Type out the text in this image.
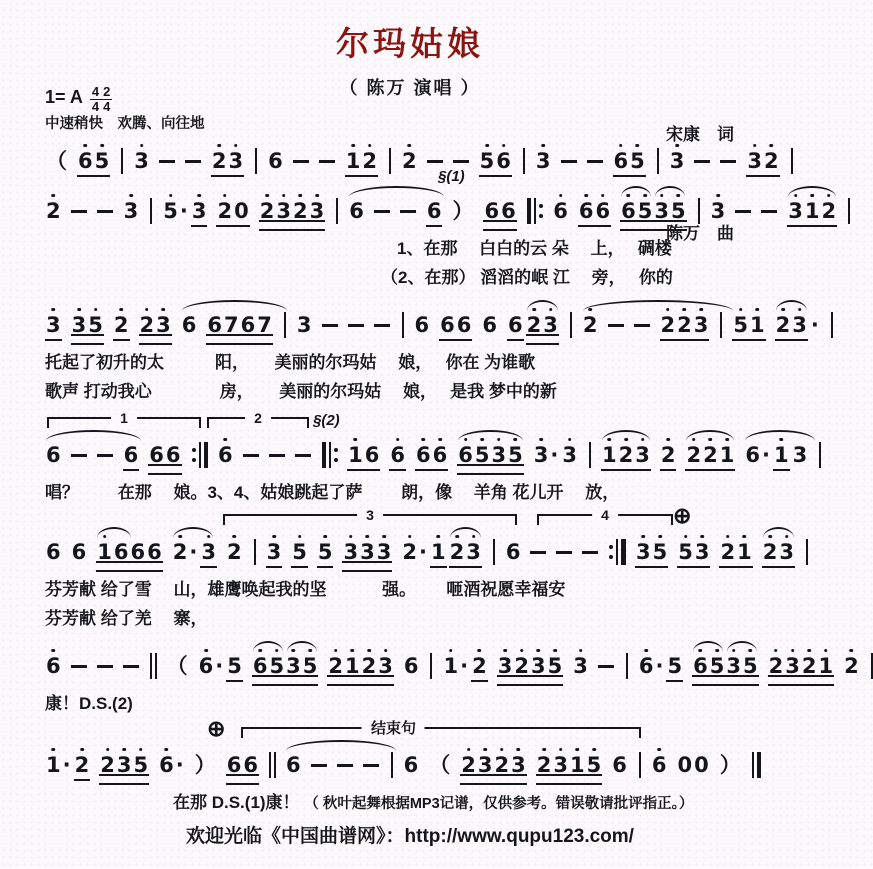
尔玛姑娘
（ 陈万 演唱 ）

宋康　词

陈万　曲

1= A $\frac{4}{4} \frac{2}{4}$
中速稍快　欢腾、向往地
（ 6 5 3	2 3 6	1 2 2	5 6 3	6 5 3	3 2
§(1)
2	3 5 · 3 2 0 2 3 2 3 6	6 ） 6 6 6 6 6 6 5 3 5 3	3 1 2
1、在那　 白白的云 朵　 上，　 碉楼
（2、在那） 滔滔的岷 江　 旁，　 你的
3 3 5 2 2 3 6 6 7 6 7 3	6 6 6 6 6 2 3 2	2 2 3 5 1 2 3 ·
托起了初升的太　　　阳，　　美丽的尔玛姑　 娘，　 你在 为谁歌
歌声 打动我心　　　　房，　　美丽的尔玛姑　 娘，　 是我 梦中的新
1	2	§(2)
6	6 6 6 6	1 6 6 6 6 6 5 3 5 3 · 3 1 2 3 2 2 2 1 6 · 1 3
唱？　　 在那　 娘。3、4、姑娘跳起了萨　　 朗，像　 羊角 花儿开　 放，
3	4	⊕
6 6 1 6 6 6 2 · 3 2 3 5 5 3 3 3 2 · 1 2 3 6	3 5 5 3 2 1 2 3
芬芳献 给了雪　 山，雄鹰唤起我的坚　　　 强。　　 咂酒祝愿幸福安
芬芳献 给了羌　 寨，
6	（ 6 · 5 6 5 3 5 2 1 2 3 6 1 · 2 3 2 3 5 3 6 · 5 6 5 3 5 2 3 2 1 2
康！D.S.(2)
⊕	结束句
1 · 2 2 3 5 6 · ） 6 6 6	6 （ 2 3 2 3 2 3 1 5 6 6 0 0 ）
在那 D.S.(1)康！ （ 秋叶起舞根据MP3记谱，仅供参考。错误敬请批评指正。）
欢迎光临《中国曲谱网》：http://www.qupu123.com/
